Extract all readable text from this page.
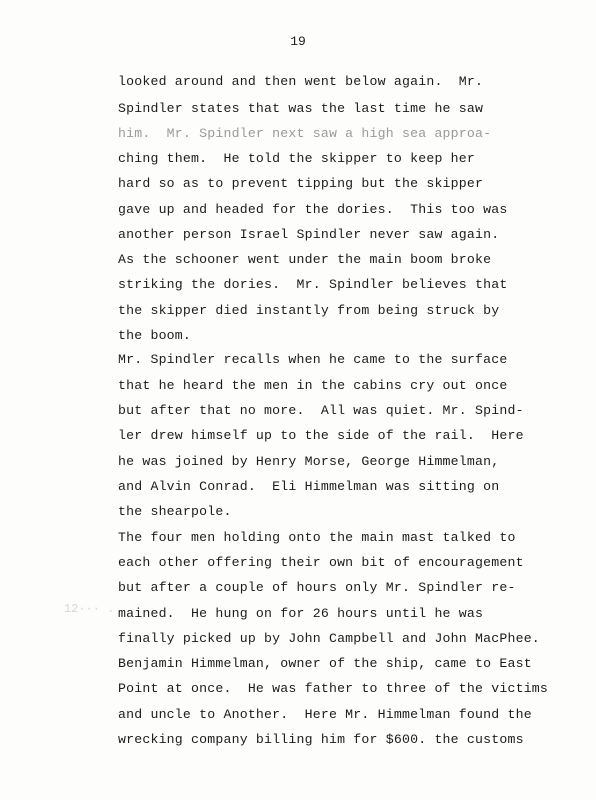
19
looked around and then went below again.  Mr.
Spindler states that was the last time he saw
him.  Mr. Spindler next saw a high sea approa-
ching them.  He told the skipper to keep her
hard so as to prevent tipping but the skipper
gave up and headed for the dories.  This too was
another person Israel Spindler never saw again.
As the schooner went under the main boom broke
striking the dories.  Mr. Spindler believes that
the skipper died instantly from being struck by
the boom.
Mr. Spindler recalls when he came to the surface
that he heard the men in the cabins cry out once
but after that no more.  All was quiet. Mr. Spind-
ler drew himself up to the side of the rail.  Here
he was joined by Henry Morse, George Himmelman,
and Alvin Conrad.  Eli Himmelman was sitting on
the shearpole.
The four men holding onto the main mast talked to
each other offering their own bit of encouragement
but after a couple of hours only Mr. Spindler re-
mained.  He hung on for 26 hours until he was
finally picked up by John Campbell and John MacPhee.
Benjamin Himmelman, owner of the ship, came to East
Point at once.  He was father to three of the victims
and uncle to Another.  Here Mr. Himmelman found the
wrecking company billing him for $600. the customs
12··· .
